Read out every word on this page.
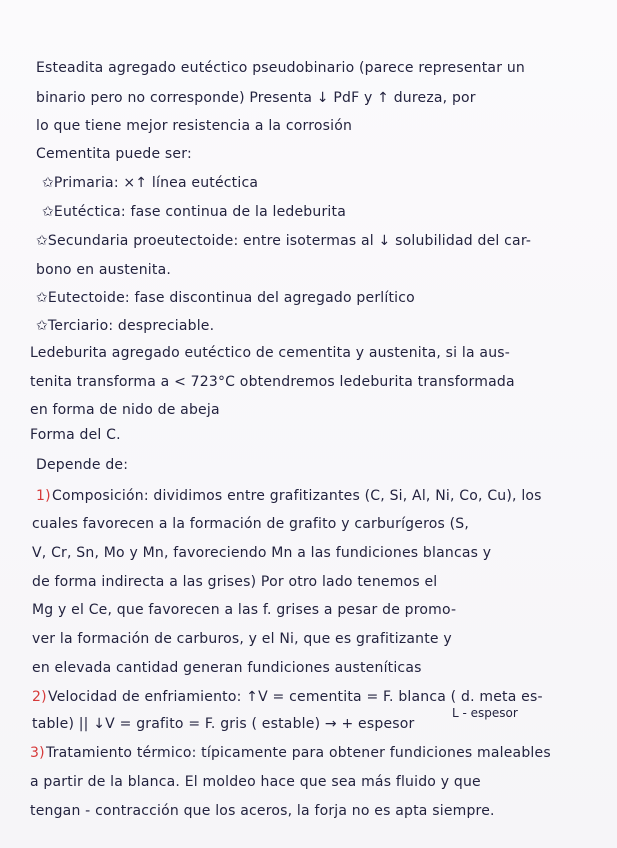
Esteadita agregado eutéctico pseudobinario (parece representar un
binario pero no corresponde) Presenta ↓ PdF y ↑ dureza, por
lo que tiene mejor resistencia a la corrosión
Cementita puede ser:
✩Primaria: ×↑ línea eutéctica
✩Eutéctica: fase continua de la ledeburita
✩Secundaria proeutectoide: entre isotermas al ↓ solubilidad del car-
bono en austenita.
✩Eutectoide: fase discontinua del agregado perlítico
✩Terciario: despreciable.
Ledeburita agregado eutéctico de cementita y austenita, si la aus-
tenita transforma a < 723°C obtendremos ledeburita transformada
en forma de nido de abeja
Forma del C.
Depende de:
1) Composición: dividimos entre grafitizantes (C, Si, Al, Ni, Co, Cu), los
cuales favorecen a la formación de grafito y carburígeros (S,
V, Cr, Sn, Mo y Mn, favoreciendo Mn a las fundiciones blancas y
de forma indirecta a las grises) Por otro lado tenemos el
Mg y el Ce, que favorecen a las f. grises a pesar de promo-
ver la formación de carburos, y el Ni, que es grafitizante y
en elevada cantidad generan fundiciones austeníticas
2) Velocidad de enfriamiento: ↑V = cementita = F. blanca ( d. meta es-
L - espesor
table) || ↓V = grafito = F. gris ( estable) → + espesor
3) Tratamiento térmico: típicamente para obtener fundiciones maleables
a partir de la blanca. El moldeo hace que sea más fluido y que
tengan - contracción que los aceros, la forja no es apta siempre.
